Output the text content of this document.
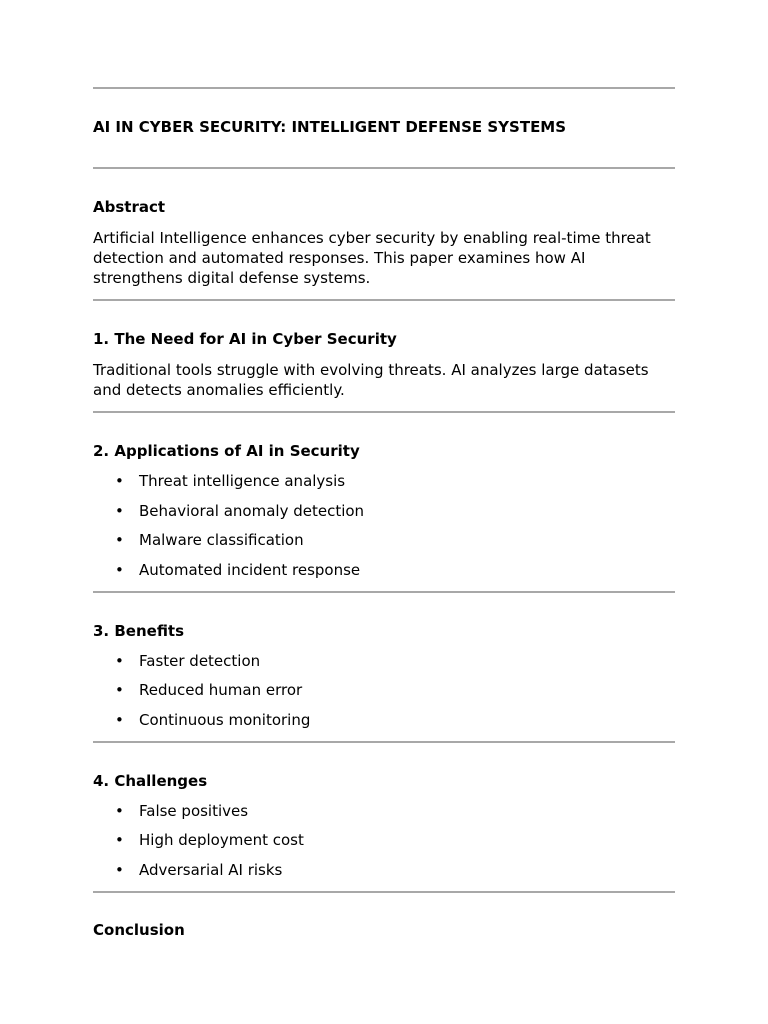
AI IN CYBER SECURITY: INTELLIGENT DEFENSE SYSTEMS
Abstract

Artificial Intelligence enhances cyber security by enabling real-time threat detection and automated responses. This paper examines how AI strengthens digital defense systems.

1. The Need for AI in Cyber Security

Traditional tools struggle with evolving threats. AI analyzes large datasets and detects anomalies efficiently.

2. Applications of AI in Security
• Threat intelligence analysis
• Behavioral anomaly detection
• Malware classification
• Automated incident response
3. Benefits
• Faster detection
• Reduced human error
• Continuous monitoring
4. Challenges
• False positives
• High deployment cost
• Adversarial AI risks
Conclusion
